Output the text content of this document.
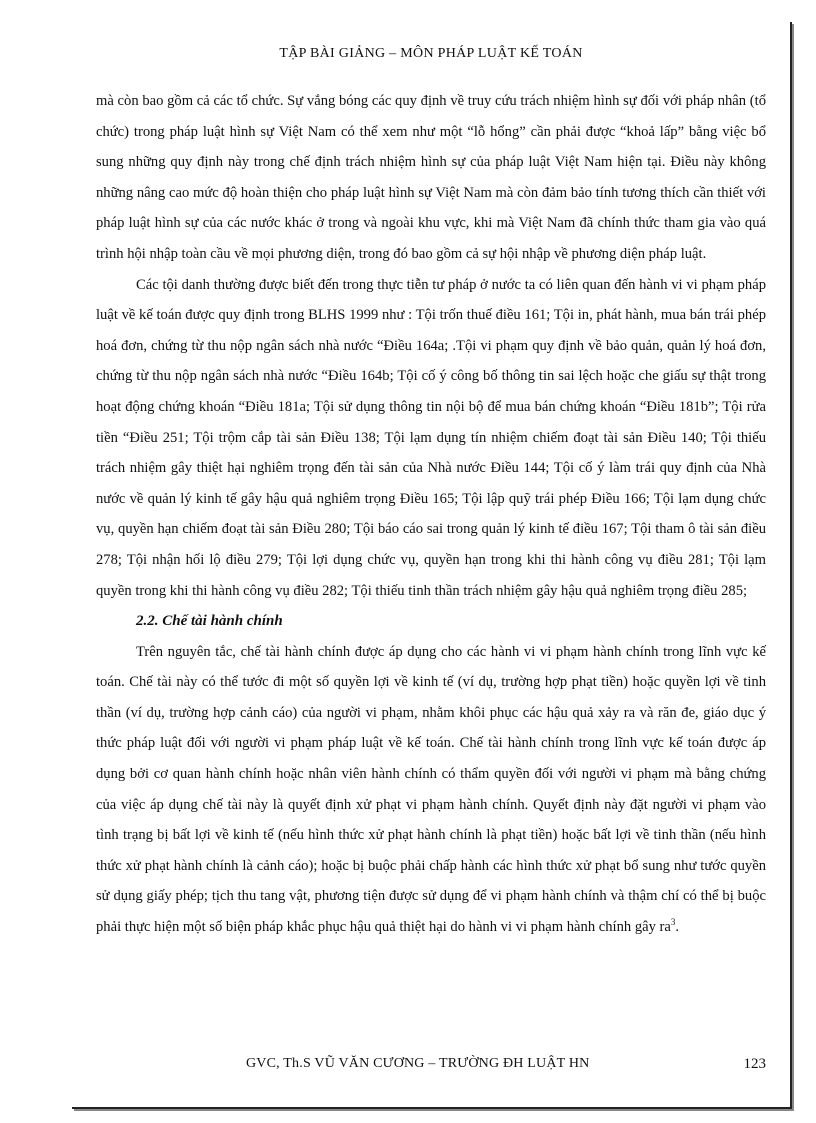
TẬP BÀI GIẢNG – MÔN PHÁP LUẬT KẾ TOÁN

mà còn bao gồm cả các tổ chức. Sự vắng bóng các quy định về truy cứu trách nhiệm hình sự đối với pháp nhân (tổ chức) trong pháp luật hình sự Việt Nam có thể xem như một “lỗ hổng” cần phải được “khoả lấp” bằng việc bổ sung những quy định này trong chế định trách nhiệm hình sự của pháp luật Việt Nam hiện tại. Điều này không những nâng cao mức độ hoàn thiện cho pháp luật hình sự Việt Nam mà còn đảm bảo tính tương thích cần thiết với pháp luật hình sự của các nước khác ở trong và ngoài khu vực, khi mà Việt Nam đã chính thức tham gia vào quá trình hội nhập toàn cầu về mọi phương diện, trong đó bao gồm cả sự hội nhập về phương diện pháp luật.

Các tội danh thường được biết đến trong thực tiễn tư pháp ở nước ta có liên quan đến hành vi vi phạm pháp luật về kế toán được quy định trong BLHS 1999 như : Tội trốn thuế điều 161; Tội in, phát hành, mua bán trái phép hoá đơn, chứng từ thu nộp ngân sách nhà nước “Điều 164a; .Tội vi phạm quy định về bảo quản, quản lý hoá đơn, chứng từ thu nộp ngân sách nhà nước “Điều 164b; Tội cố ý công bố thông tin sai lệch hoặc che giấu sự thật trong hoạt động chứng khoán “Điều 181a; Tội sử dụng thông tin nội bộ để mua bán chứng khoán “Điều 181b”; Tội rửa tiền “Điều 251; Tội trộm cắp tài sản Điều 138; Tội lạm dụng tín nhiệm chiếm đoạt tài sản Điều 140; Tội thiếu trách nhiệm gây thiệt hại nghiêm trọng đến tài sản của Nhà nước Điều 144; Tội cố ý làm trái quy định của Nhà nước về quản lý kinh tế gây hậu quả nghiêm trọng Điều 165; Tội lập quỹ trái phép Điều 166; Tội lạm dụng chức vụ, quyền hạn chiếm đoạt tài sản Điều 280; Tội báo cáo sai trong quản lý kinh tế điều 167; Tội tham ô tài sản điều 278; Tội nhận hối lộ điều 279; Tội lợi dụng chức vụ, quyền hạn trong khi thi hành công vụ điều 281; Tội lạm quyền trong khi thi hành công vụ điều 282; Tội thiếu tinh thần trách nhiệm gây hậu quả nghiêm trọng điều 285;

2.2. Chế tài hành chính

Trên nguyên tắc, chế tài hành chính được áp dụng cho các hành vi vi phạm hành chính trong lĩnh vực kế toán. Chế tài này có thể tước đi một số quyền lợi về kinh tế (ví dụ, trường hợp phạt tiền) hoặc quyền lợi về tinh thần (ví dụ, trường hợp cảnh cáo) của người vi phạm, nhằm khôi phục các hậu quả xảy ra và răn đe, giáo dục ý thức pháp luật đối với người vi phạm pháp luật về kế toán. Chế tài hành chính trong lĩnh vực kế toán được áp dụng bởi cơ quan hành chính hoặc nhân viên hành chính có thẩm quyền đối với người vi phạm mà bằng chứng của việc áp dụng chế tài này là quyết định xử phạt vi phạm hành chính. Quyết định này đặt người vi phạm vào tình trạng bị bất lợi về kinh tế (nếu hình thức xử phạt hành chính là phạt tiền) hoặc bất lợi về tinh thần (nếu hình thức xử phạt hành chính là cảnh cáo); hoặc bị buộc phải chấp hành các hình thức xử phạt bổ sung như tước quyền sử dụng giấy phép; tịch thu tang vật, phương tiện được sử dụng để vi phạm hành chính và thậm chí có thể bị buộc phải thực hiện một số biện pháp khắc phục hậu quả thiệt hại do hành vi vi phạm hành chính gây $ra^3$.

GVC, Th.S VŨ VĂN CƯƠNG – TRƯỜNG ĐH LUẬT HN	123
